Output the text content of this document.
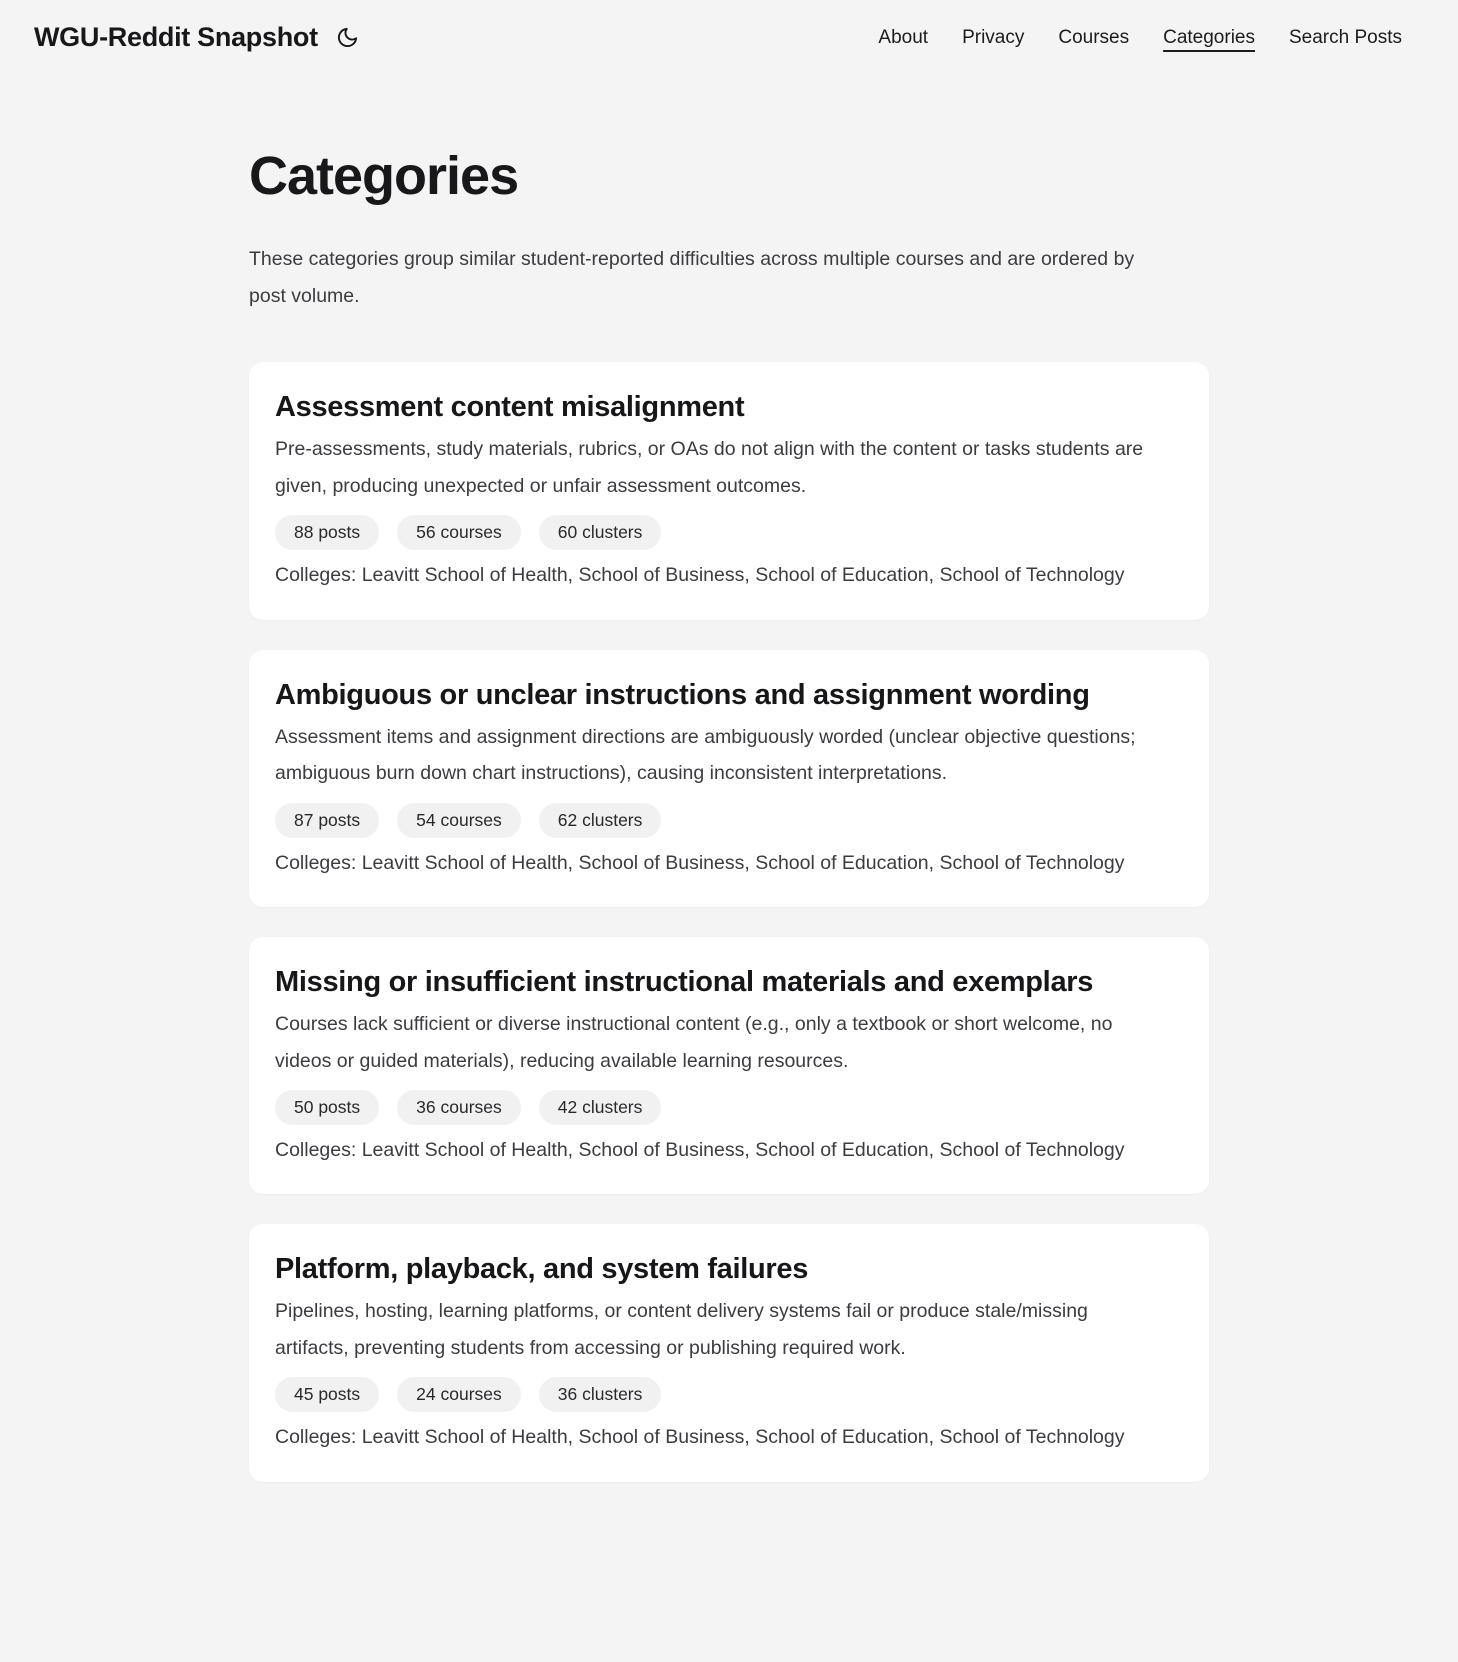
WGU-Reddit Snapshot	About Privacy Courses Categories Search Posts
Categories

These categories group similar student-reported difficulties across multiple courses and are ordered by post volume.

Assessment content misalignment

Pre-assessments, study materials, rubrics, or OAs do not align with the content or tasks students are given, producing unexpected or unfair assessment outcomes.

88 posts	56 courses	60 clusters

Colleges: Leavitt School of Health, School of Business, School of Education, School of Technology

Ambiguous or unclear instructions and assignment wording

Assessment items and assignment directions are ambiguously worded (unclear objective questions; ambiguous burn down chart instructions), causing inconsistent interpretations.

87 posts	54 courses	62 clusters

Colleges: Leavitt School of Health, School of Business, School of Education, School of Technology

Missing or insufficient instructional materials and exemplars

Courses lack sufficient or diverse instructional content (e.g., only a textbook or short welcome, no videos or guided materials), reducing available learning resources.

50 posts	36 courses	42 clusters

Colleges: Leavitt School of Health, School of Business, School of Education, School of Technology

Platform, playback, and system failures

Pipelines, hosting, learning platforms, or content delivery systems fail or produce stale/missing artifacts, preventing students from accessing or publishing required work.

45 posts	24 courses	36 clusters

Colleges: Leavitt School of Health, School of Business, School of Education, School of Technology
